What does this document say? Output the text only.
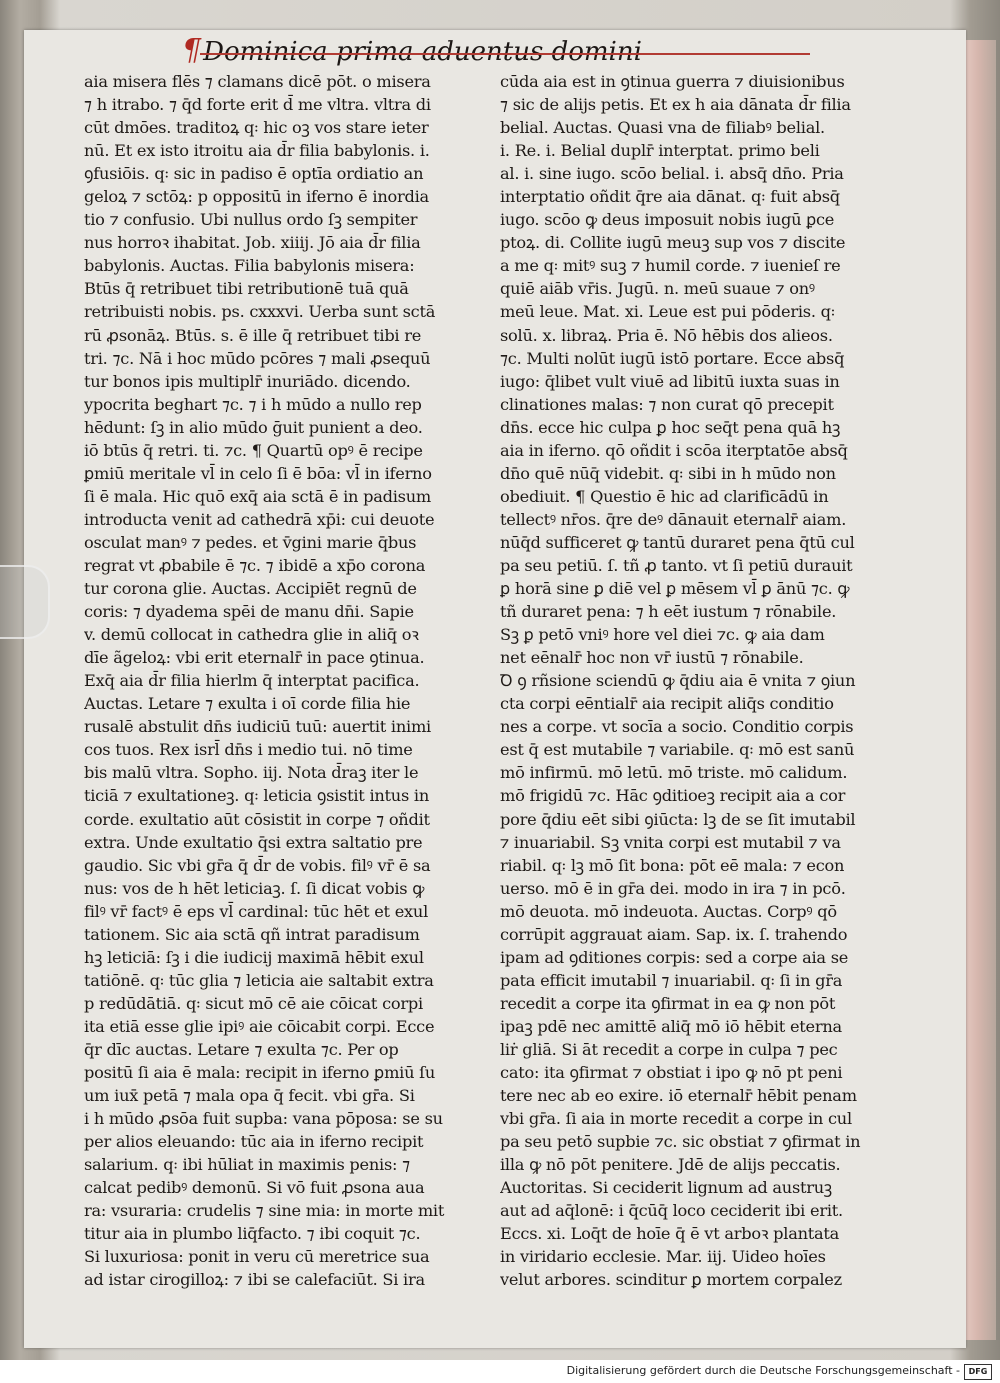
¶Dominica prima aduentus domini
aia misera flēs ⁊ clamans dicē pōt. o misera
⁊ h itrabo. ⁊ q̄d forte erit d̄ me vltra. vltra di
cūt dmōes. traditoꝝ q꞉ hic oꝫ vos stare ieter
nū. Et ex isto itroitu aia d̄r filia babylonis. i.
ꝯfusiōis. q꞉ sic in padiso ē optīa ordiatio an
geloꝝ ⁊ sctōꝝ: p oppositū in iferno ē inordia
tio ⁊ confusio. Ubi nullus ordo ſꝫ sempiter
nus horroꝛ ihabitat. Job. xiiij. Jō aia d̄r filia
babylonis. Auctas. Filia babylonis misera:
Btūs q̄ retribuet tibi retributionē tuā quā
retribuisti nobis. ps. cxxxvi. Uerba sunt sctā
rū ꝓsonāꝝ. Btūs. s. ē ille q̄ retribuet tibi re
tri. ⁊c. Nā i hoc mūdo pcōres ⁊ mali ꝓsequū
tur bonos ipis multiplr̄ inuriādo. dicendo.
ypocrita beghart ⁊c. ⁊ i h mūdo a nullo rep
hēdunt: ſꝫ in alio mūdo ḡuit punient a deo.
iō btūs q̄ retri. ti. ⁊c. ¶ Quartū opꝰ ē recipe
ꝑmiū meritale vl̄ in celo ſi ē bōa: vl̄ in iferno
ſi ē mala. Hic quō exq̄ aia sctā ē in padisum
introducta venit ad cathedrā xp̄i: cui deuote
osculat manꝰ ⁊ pedes. et v̄gini marie q̄bus
regrat vt ꝓbabile ē ⁊c. ⁊ ibidē a xp̄o corona
tur corona glie. Auctas. Accipiēt regnū de
coris: ⁊ dyadema spēi de manu dn̄i. Sapie
v. demū collocat in cathedra glie in aliq̄ oꝛ
dīe ãgeloꝝ: vbi erit eternalr̄ in pace ꝯtinua.
Exq̄ aia d̄r filia hierlm q̄ interptat pacifica.
Auctas. Letare ⁊ exulta i oī corde filia hie
rusalē abstulit dn̄s iudiciū tuū: auertit inimi
cos tuos. Rex isrl̄ dn̄s i medio tui. nō time
bis malū vltra. Sopho. iij. Nota d̄raꝫ iter le
ticiā ⁊ exultationeꝫ. q꞉ leticia ꝯsistit intus in
corde. exultatio aūt cōsistit in corpe ⁊ oñdit
extra. Unde exultatio q̄si extra saltatio pre
gaudio. Sic vbi gr̄a q̄ d̄r de vobis. filꝰ vr̄ ē sa
nus: vos de h hēt leticiaꝫ. ſ. ſi dicat vobis ꝙ
filꝰ vr̄ factꝰ ē eps vl̄ cardinal: tūc hēt et exul
tationem. Sic aia sctā qñ intrat paradisum
hꝫ leticiā: ſꝫ i die iudicij maximā hēbit exul
tatiōnē. q꞉ tūc glia ⁊ leticia aie saltabit extra
p redūdātiā. q꞉ sicut mō cē aie cōicat corpi
ita etiā esse glie ipiꝰ aie cōicabit corpi. Ecce
q̄r dīc auctas. Letare ⁊ exulta ⁊c. Per op
positū ſi aia ē mala: recipit in iferno ꝑmiū ſu
um iux̄ petā ⁊ mala opa q̄ fecit. vbi gr̄a. Si
i h mūdo ꝓsōa fuit supba: vana pōposa: se su
per alios eleuando: tūc aia in iferno recipit
salarium. q꞉ ibi hūliat in maximis penis: ⁊
calcat pedibꝰ demonū. Si vō fuit ꝓsona aua
ra: vsuraria: crudelis ⁊ sine mia: in morte mit
titur aia in plumbo liq̄facto. ⁊ ibi coquit ⁊c.
Si luxuriosa: ponit in veru cū meretrice sua
ad istar cirogilloꝝ: ⁊ ibi se calefaciūt. Si ira
cūda aia est in ꝯtinua guerra ⁊ diuisionibus
⁊ sic de alijs petis. Et ex h aia dānata d̄r filia
belial. Auctas. Quasi vna de filiabꝰ belial.
i. Re. i. Belial duplr̄ interptat. primo beli
al. i. sine iugo. scōo belial. i. absq̄ dn̄o. Pria
interptatio oñdit q̄re aia dānat. q꞉ fuit absq̄
iugo. scōo ꝙ deus imposuit nobis iugū ꝑce
ptoꝝ. di. Collite iugū meuꝫ sup vos ⁊ discite
a me q꞉ mitꝰ suꝫ ⁊ humil corde. ⁊ iuenieſ re
quiē aiāb vr̄is. Jugū. n. meū suaue ⁊ onꝰ
meū leue. Mat. xi. Leue est pui pōderis. q꞉
solū. x. libraꝝ. Pria ē. Nō hēbis dos alieos.
⁊c. Multi nolūt iugū istō portare. Ecce absq̄
iugo: q̄libet vult viuē ad libitū iuxta suas in
clinationes malas: ⁊ non curat qō precepit
dn̄s. ecce hic culpa ꝑ hoc seq̄t pena quā hꝫ
aia in iferno. qō oñdit i scōa iterptatōe absq̄
dn̄o quē nūq̄ videbit. q꞉ sibi in h mūdo non
obediuit. ¶ Questio ē hic ad clarificādū in
tellectꝰ nr̄os. q̄re deꝰ dānauit eternalr̄ aiam.
nūq̄d sufficeret ꝙ tantū duraret pena q̄tū cul
pa seu petiū. ſ. tñ ꝓ tanto. vt ſi petiū durauit
ꝑ horā sine ꝑ diē vel ꝑ mēsem vl̄ ꝑ ānū ⁊c. ꝙ
tñ duraret pena: ⁊ h eēt iustum ⁊ rōnabile.
Sꝫ ꝑ petō vniꝰ hore vel diei ⁊c. ꝙ aia dam
net eēnalr̄ hoc non vr̄ iustū ⁊ rōnabile.
Ꝺ ꝯ rñsione sciendū ꝙ q̄diu aia ē vnita ⁊ ꝯiun
cta corpi eēntialr̄ aia recipit aliq̄s conditio
nes a corpe. vt socīa a socio. Conditio corpis
est q̄ est mutabile ⁊ variabile. q꞉ mō est sanū
mō infirmū. mō letū. mō triste. mō calidum.
mō frigidū ⁊c. Hāc ꝯditioeꝫ recipit aia a cor
pore q̄diu eēt sibi ꝯiūcta: lꝫ de se ſit imutabil
⁊ inuariabil. Sꝫ vnita corpi est mutabil ⁊ va
riabil. q꞉ lꝫ mō ſit bona: pōt eē mala: ⁊ econ
uerso. mō ē in gr̄a dei. modo in ira ⁊ in pcō.
mō deuota. mō indeuota. Auctas. Corpꝰ qō
corrūpit aggrauat aiam. Sap. ix. ſ. trahendo
ipam ad ꝯditiones corpis: sed a corpe aia se
pata efficit imutabil ⁊ inuariabil. q꞉ ſi in gr̄a
recedit a corpe ita ꝯfirmat in ea ꝙ non pōt
ipaꝫ pdē nec amittē aliq̄ mō iō hēbit eterna
liṙ gliā. Si āt recedit a corpe in culpa ⁊ pec
cato: ita ꝯfirmat ⁊ obstiat i ipo ꝙ nō pt peni
tere nec ab eo exire. iō eternalr̄ hēbit penam
vbi gr̄a. ſi aia in morte recedit a corpe in cul
pa seu petō supbie ⁊c. sic obstiat ⁊ ꝯfirmat in
illa ꝙ nō pōt penitere. Jdē de alijs peccatis.
Auctoritas. Si ceciderit lignum ad austruꝫ
aut ad aq̄lonē: i q̄cūq̄ loco ceciderit ibi erit.
Eccs. xi. Loq̄t de hoīe q̄ ē vt arboꝛ plantata
in viridario ecclesie. Mar. iij. Uideo hoīes
velut arbores. scinditur ꝑ mortem corpalez
Digitalisierung gefördert durch die Deutsche Forschungsgemeinschaft -	DFG
